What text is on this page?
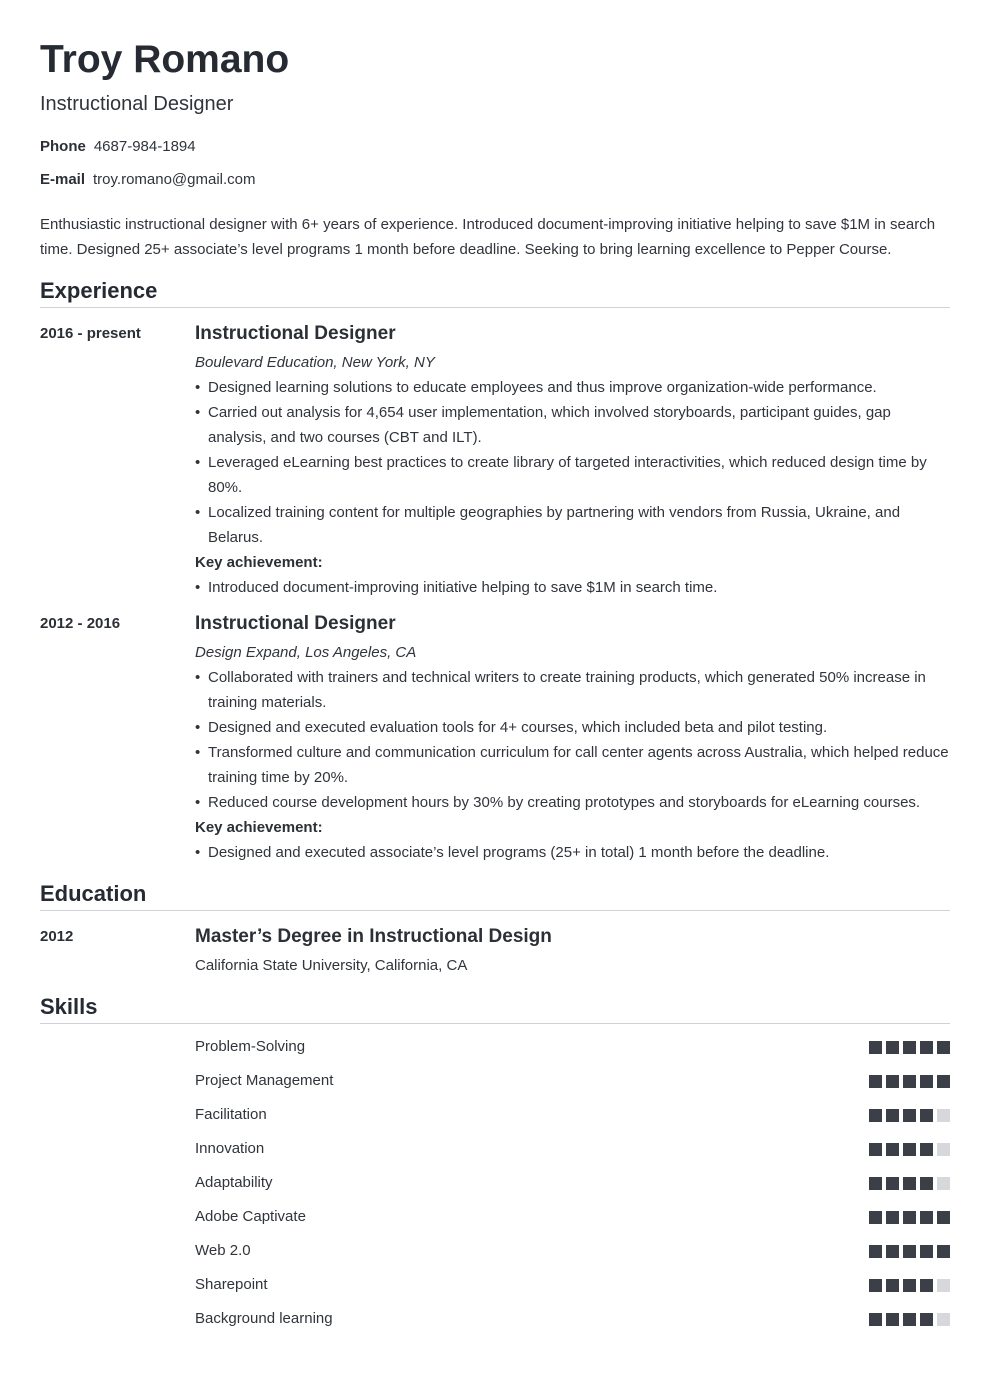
Troy Romano
Instructional Designer
Phone 4687-984-1894
E-mail troy.romano@gmail.com
Enthusiastic instructional designer with 6+ years of experience. Introduced document-improving initiative helping to save $1M in search time. Designed 25+ associate’s level programs 1 month before deadline. Seeking to bring learning excellence to Pepper Course.
Experience
2016 - present	Instructional Designer
Boulevard Education, New York, NY
• Designed learning solutions to educate employees and thus improve organization-wide performance.
• Carried out analysis for 4,654 user implementation, which involved storyboards, participant guides, gap analysis, and two courses (CBT and ILT).
• Leveraged eLearning best practices to create library of targeted interactivities, which reduced design time by 80%.
• Localized training content for multiple geographies by partnering with vendors from Russia, Ukraine, and Belarus.
Key achievement:
• Introduced document-improving initiative helping to save $1M in search time.
2012 - 2016	Instructional Designer
Design Expand, Los Angeles, CA
• Collaborated with trainers and technical writers to create training products, which generated 50% increase in training materials.
• Designed and executed evaluation tools for 4+ courses, which included beta and pilot testing.
• Transformed culture and communication curriculum for call center agents across Australia, which helped reduce training time by 20%.
• Reduced course development hours by 30% by creating prototypes and storyboards for eLearning courses.
Key achievement:
• Designed and executed associate’s level programs (25+ in total) 1 month before the deadline.
Education
2012	Master’s Degree in Instructional Design
California State University, California, CA
Skills
Problem-Solving
Project Management
Facilitation
Innovation
Adaptability
Adobe Captivate
Web 2.0
Sharepoint
Background learning
